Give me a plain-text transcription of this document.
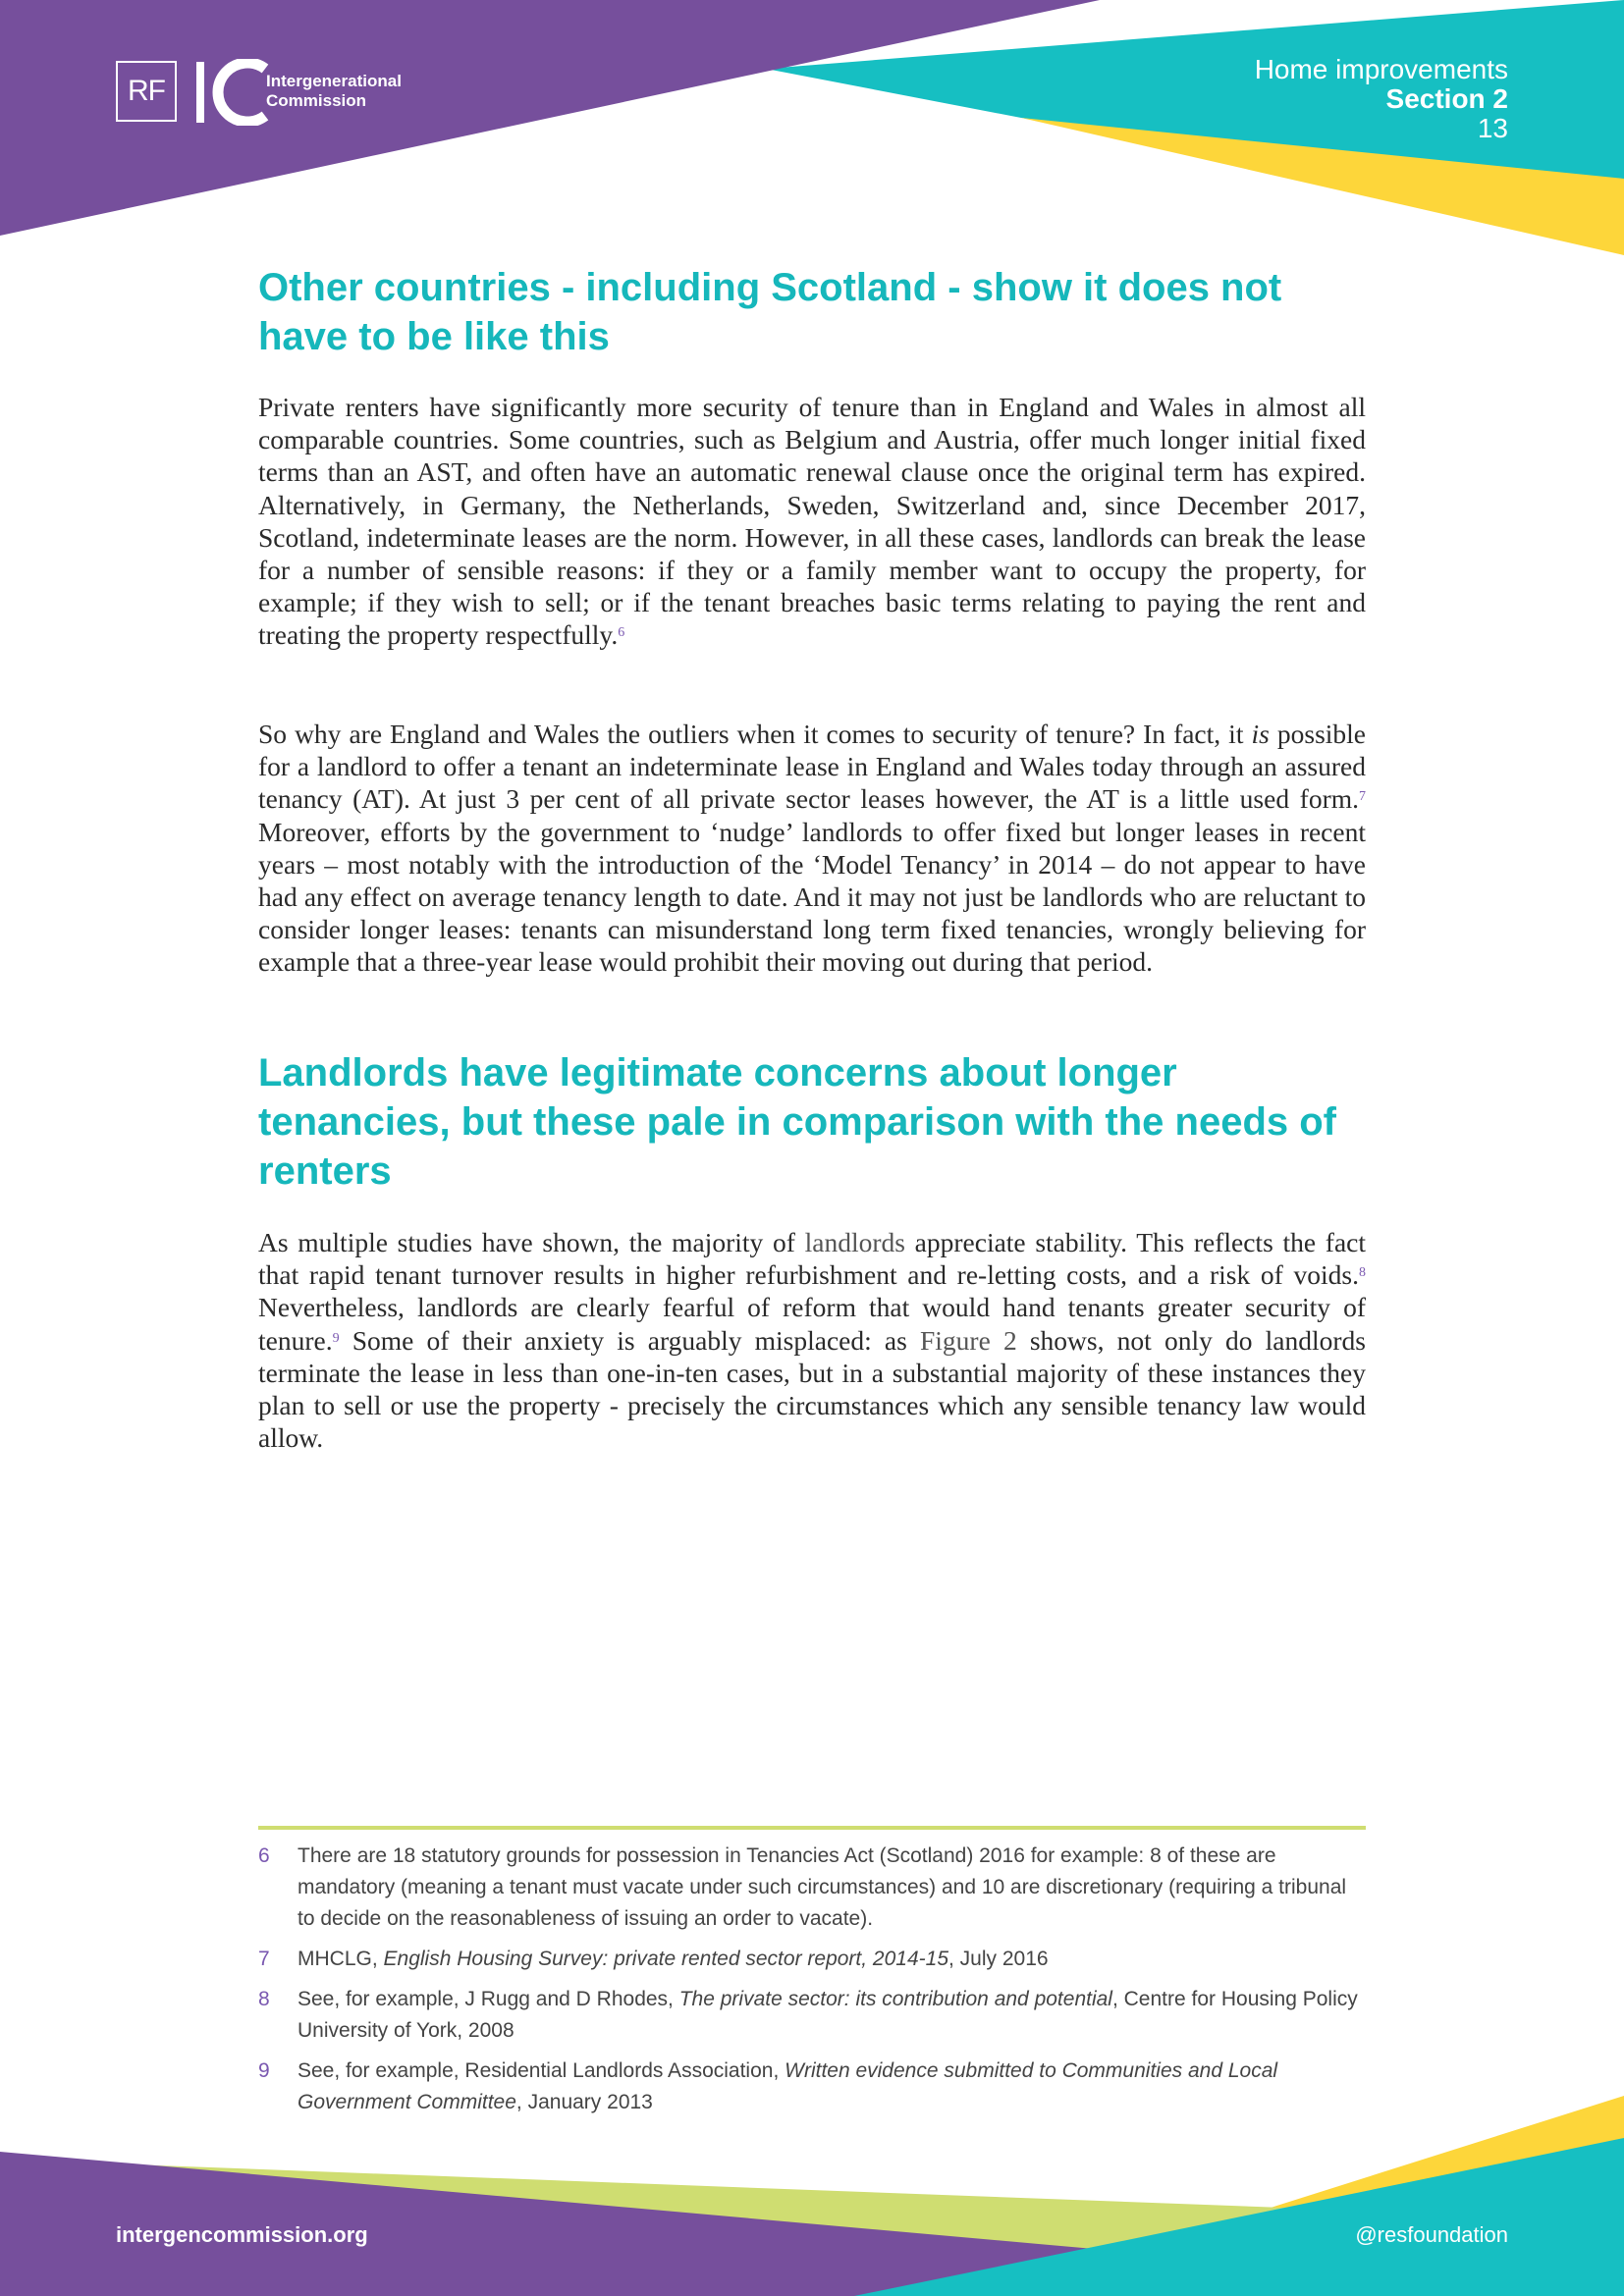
RF	Intergenerational
Commission
Home improvements
Section 2
13
Other countries - including Scotland - show it does not have to be like this

Private renters have significantly more security of tenure than in England and Wales in almost all comparable countries. Some countries, such as Belgium and Austria, offer much longer initial fixed terms than an AST, and often have an automatic renewal clause once the original term has expired. Alternatively, in Germany, the Netherlands, Sweden, Switzerland and, since December 2017, Scotland, indeterminate leases are the norm. However, in all these cases, landlords can break the lease for a number of sensible reasons: if they or a family member want to occupy the property, for example; if they wish to sell; or if the tenant breaches basic terms relating to paying the rent and treating the property respectfully.$^6$

So why are England and Wales the outliers when it comes to security of tenure? In fact, it is possible for a landlord to offer a tenant an indeterminate lease in England and Wales today through an assured tenancy (AT). At just 3 per cent of all private sector leases however, the AT is a little used form.$^7$ Moreover, efforts by the government to ‘nudge’ landlords to offer fixed but longer leases in recent years – most notably with the introduction of the ‘Model Tenancy’ in 2014 – do not appear to have had any effect on average tenancy length to date. And it may not just be landlords who are reluctant to consider longer leases: tenants can misunderstand long term fixed tenancies, wrongly believing for example that a three-year lease would prohibit their moving out during that period.

Landlords have legitimate concerns about longer tenancies, but these pale in comparison with the needs of renters

As multiple studies have shown, the majority of landlords appreciate stability. This reflects the fact that rapid tenant turnover results in higher refurbishment and re-letting costs, and a risk of voids.$^8$ Nevertheless, landlords are clearly fearful of reform that would hand tenants greater security of tenure.$^9$ Some of their anxiety is arguably misplaced: as Figure 2 shows, not only do landlords terminate the lease in less than one-in-ten cases, but in a substantial majority of these instances they plan to sell or use the property - precisely the circumstances which any sensible tenancy law would allow.

6 There are 18 statutory grounds for possession in Tenancies Act (Scotland) 2016 for example: 8 of these are mandatory (meaning a tenant must vacate under such circumstances) and 10 are discretionary (requiring a tribunal to decide on the reasonableness of issuing an order to vacate).
7 MHCLG, English Housing Survey: private rented sector report, 2014-15, July 2016
8 See, for example, J Rugg and D Rhodes, The private sector: its contribution and potential, Centre for Housing Policy University of York, 2008
9 See, for example, Residential Landlords Association, Written evidence submitted to Communities and Local Government Committee, January 2013
intergencommission.org	@resfoundation
